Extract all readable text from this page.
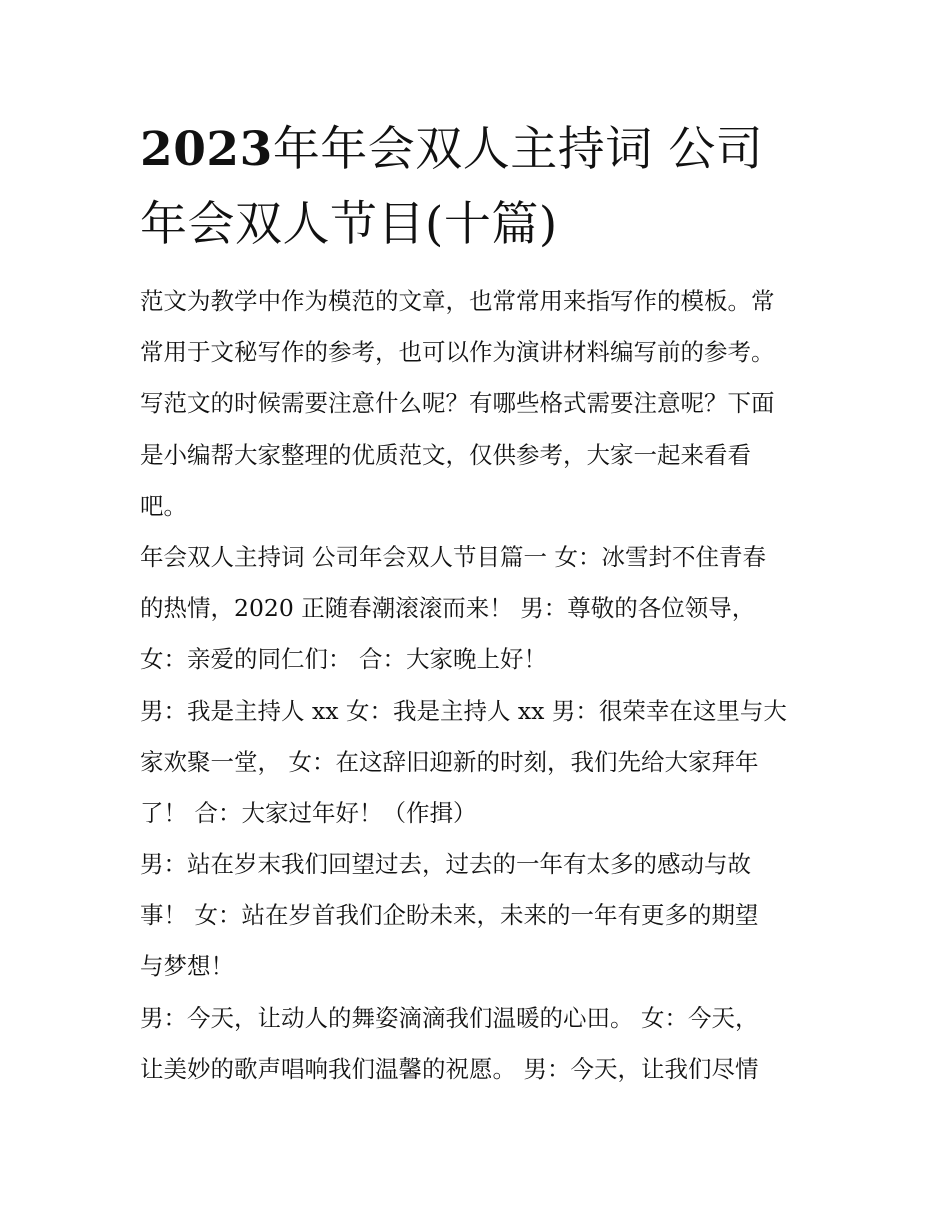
2023年年会双人主持词 公司
年会双人节目(十篇)
范文为教学中作为模范的文章，也常常用来指写作的模板。常
常用于文秘写作的参考，也可以作为演讲材料编写前的参考。
写范文的时候需要注意什么呢？有哪些格式需要注意呢？下面
是小编帮大家整理的优质范文，仅供参考，大家一起来看看
吧。
年会双人主持词 公司年会双人节目篇一 女：冰雪封不住青春
的热情，2020 正随春潮滚滚而来！ 男：尊敬的各位领导，
女：亲爱的同仁们： 合：大家晚上好！
男：我是主持人 xx 女：我是主持人 xx 男：很荣幸在这里与大
家欢聚一堂， 女：在这辞旧迎新的时刻，我们先给大家拜年
了！ 合：大家过年好！（作揖）
男：站在岁末我们回望过去，过去的一年有太多的感动与故
事！ 女：站在岁首我们企盼未来，未来的一年有更多的期望
与梦想！
男：今天，让动人的舞姿滴滴我们温暖的心田。 女：今天，
让美妙的歌声唱响我们温馨的祝愿。 男：今天，让我们尽情
